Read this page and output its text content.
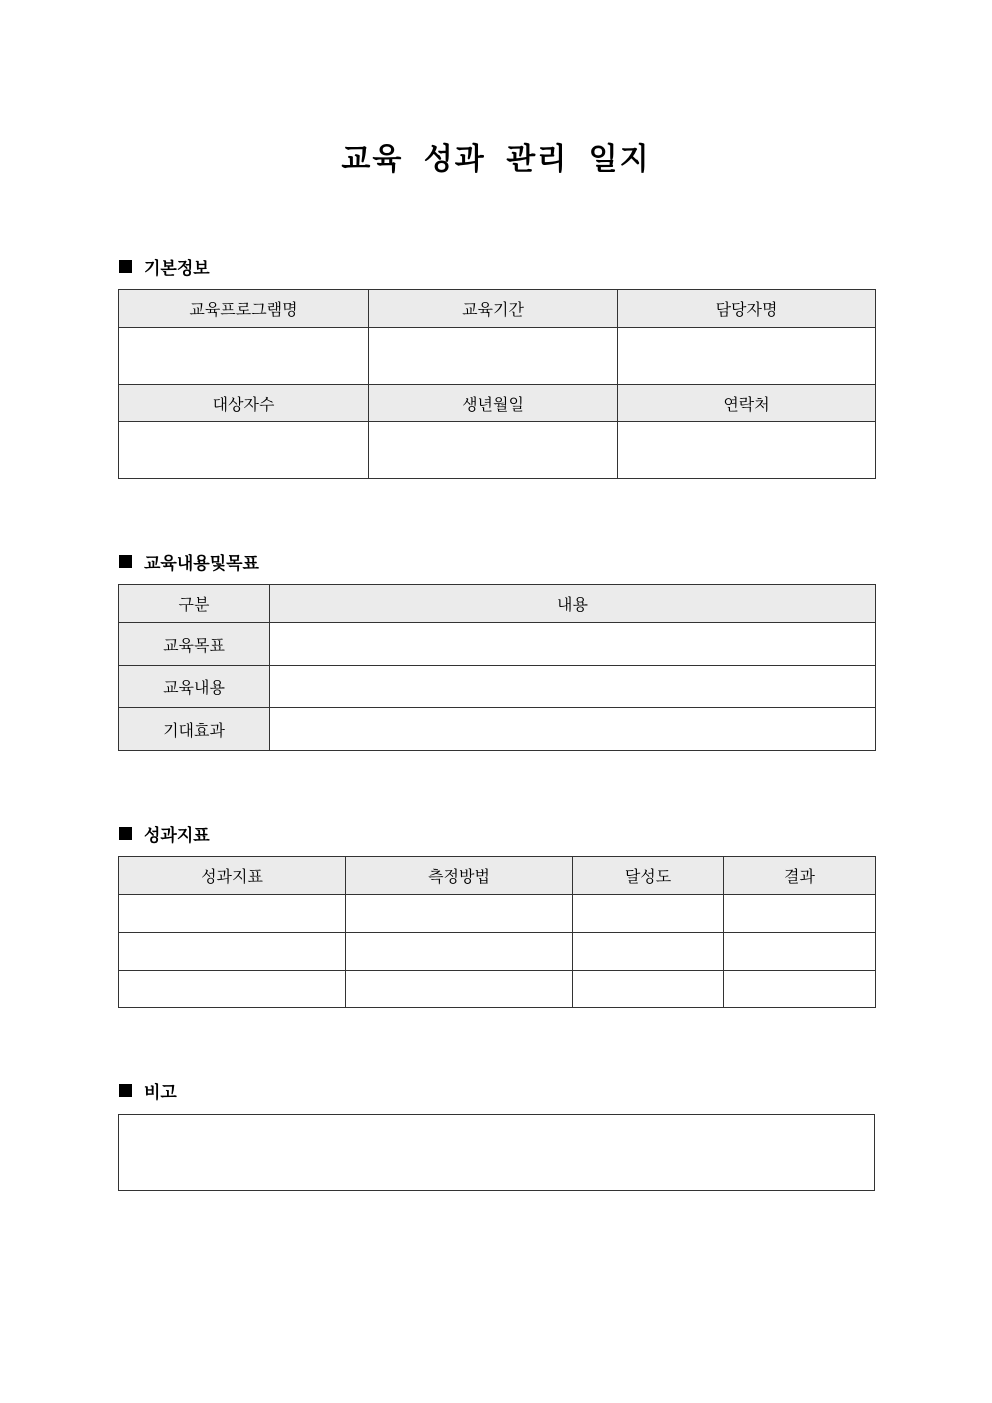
교육 성과 관리 일지
기본정보
교육프로그램명	교육기간	담당자명

대상자수	생년월일	연락처

교육내용및목표
구분	내용
교육목표	
교육내용	
기대효과	
성과지표
성과지표	측정방법	달성도	결과

비고
